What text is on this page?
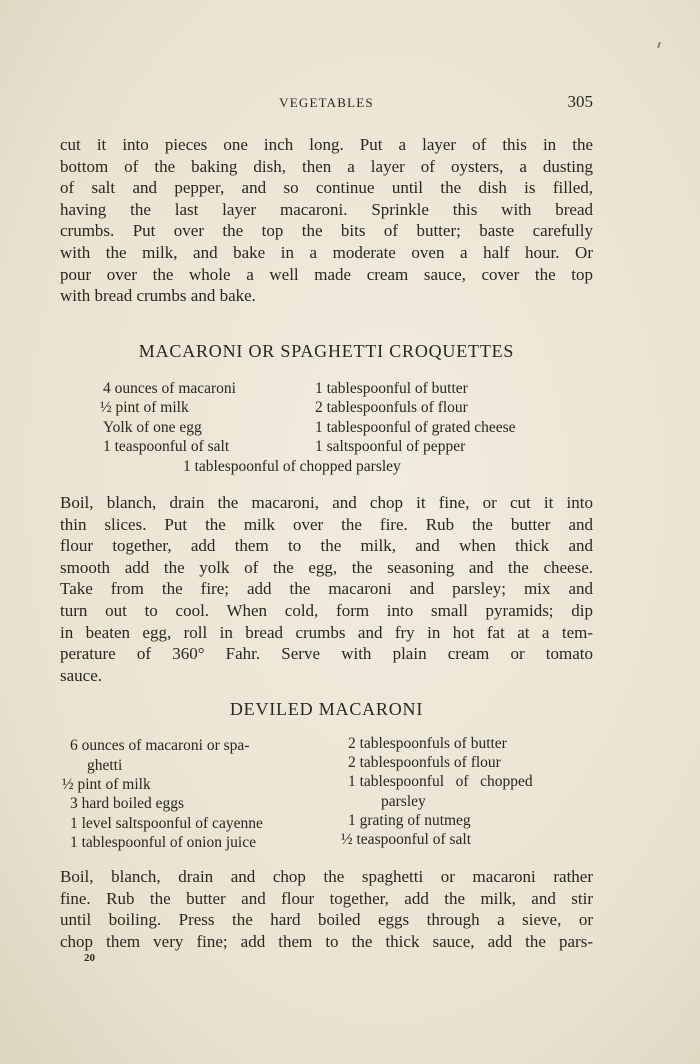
VEGETABLES	305
cut it into pieces one inch long. Put a layer of this in the
bottom of the baking dish, then a layer of oysters, a dusting
of salt and pepper, and so continue until the dish is filled,
having the last layer macaroni. Sprinkle this with bread
crumbs. Put over the top the bits of butter; baste carefully
with the milk, and bake in a moderate oven a half hour. Or
pour over the whole a well made cream sauce, cover the top
with bread crumbs and bake.
MACARONI OR SPAGHETTI CROQUETTES
4 ounces of macaroni
½ pint of milk
Yolk of one egg
1 teaspoonful of salt
1 tablespoonful of butter
2 tablespoonfuls of flour
1 tablespoonful of grated cheese
1 saltspoonful of pepper
1 tablespoonful of chopped parsley
Boil, blanch, drain the macaroni, and chop it fine, or cut it into
thin slices. Put the milk over the fire. Rub the butter and
flour together, add them to the milk, and when thick and
smooth add the yolk of the egg, the seasoning and the cheese.
Take from the fire; add the macaroni and parsley; mix and
turn out to cool. When cold, form into small pyramids; dip
in beaten egg, roll in bread crumbs and fry in hot fat at a tem-
perature of 360° Fahr. Serve with plain cream or tomato
sauce.
DEVILED MACARONI
6 ounces of macaroni or spa-
ghetti
½ pint of milk
3 hard boiled eggs
1 level saltspoonful of cayenne
1 tablespoonful of onion juice
2 tablespoonfuls of butter
2 tablespoonfuls of flour
1 tablespoonful   of   chopped
parsley
1 grating of nutmeg
½ teaspoonful of salt
Boil, blanch, drain and chop the spaghetti or macaroni rather
fine. Rub the butter and flour together, add the milk, and stir
until boiling. Press the hard boiled eggs through a sieve, or
chop them very fine; add them to the thick sauce, add the pars-
20
